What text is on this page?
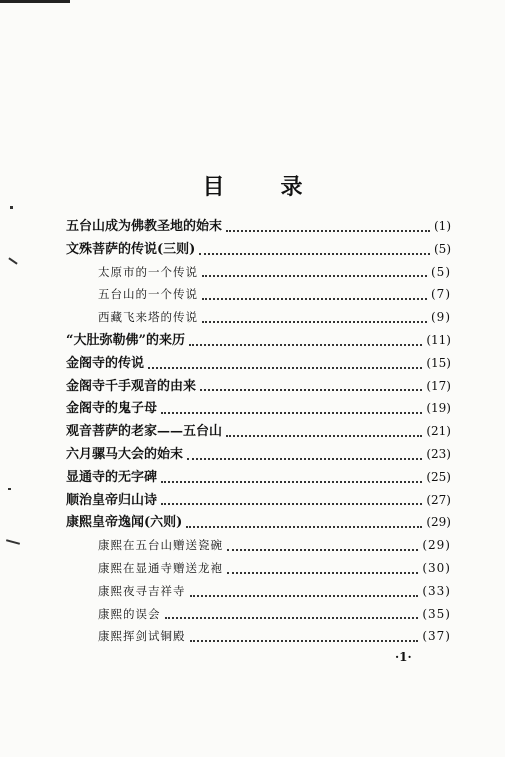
目	录
五台山成为佛教圣地的始末	(1)
文殊菩萨的传说(三则)	(5)
太原市的一个传说	(5)
五台山的一个传说	(7)
西藏飞来塔的传说	(9)
“大肚弥勒佛”的来历	(11)
金阁寺的传说	(15)
金阁寺千手观音的由来	(17)
金阁寺的鬼子母	(19)
观音菩萨的老家——五台山	(21)
六月骡马大会的始末	(23)
显通寺的无字碑	(25)
顺治皇帝归山诗	(27)
康熙皇帝逸闻(六则)	(29)
康熙在五台山赠送瓷碗	(29)
康熙在显通寺赠送龙袍	(30)
康熙夜寻吉祥寺	(33)
康熙的误会	(35)
康熙挥剑试铜殿	(37)
·1·
